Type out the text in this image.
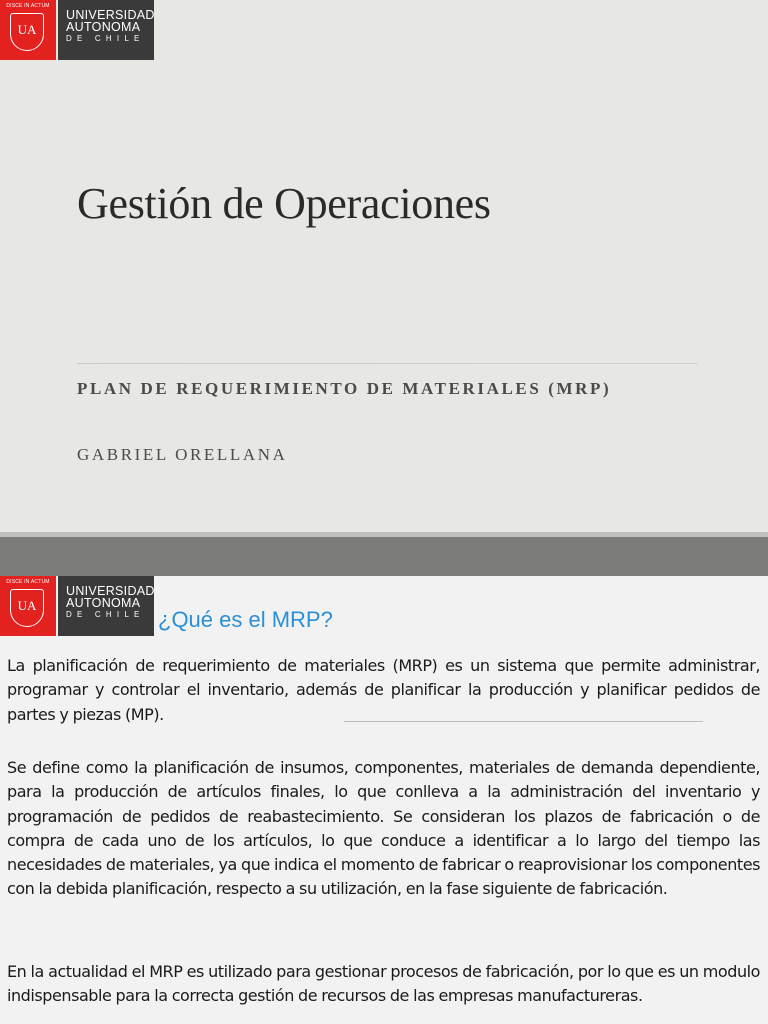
DISCE IN ACTUM
UA
UNIVERSIDAD
AUTONOMA
DE CHILE
Gestión de Operaciones

PLAN DE REQUERIMIENTO DE MATERIALES (MRP)

GABRIEL ORELLANA

DISCE IN ACTUM
UA
UNIVERSIDAD
AUTONOMA
DE CHILE ¿Qué es el MRP?

La planificación de requerimiento de materiales (MRP) es un sistema que permite administrar, programar y controlar el inventario, además de planificar la producción y planificar pedidos de partes y piezas (MP).

Se define como la planificación de insumos, componentes, materiales de demanda dependiente, para la producción de artículos finales, lo que conlleva a la administración del inventario y programación de pedidos de reabastecimiento. Se consideran los plazos de fabricación o de compra de cada uno de los artículos, lo que conduce a identificar a lo largo del tiempo las necesidades de materiales, ya que indica el momento de fabricar o reaprovisionar los componentes con la debida planificación, respecto a su utilización, en la fase siguiente de fabricación.

En la actualidad el MRP es utilizado para gestionar procesos de fabricación, por lo que es un modulo indispensable para la correcta gestión de recursos de las empresas manufactureras.
